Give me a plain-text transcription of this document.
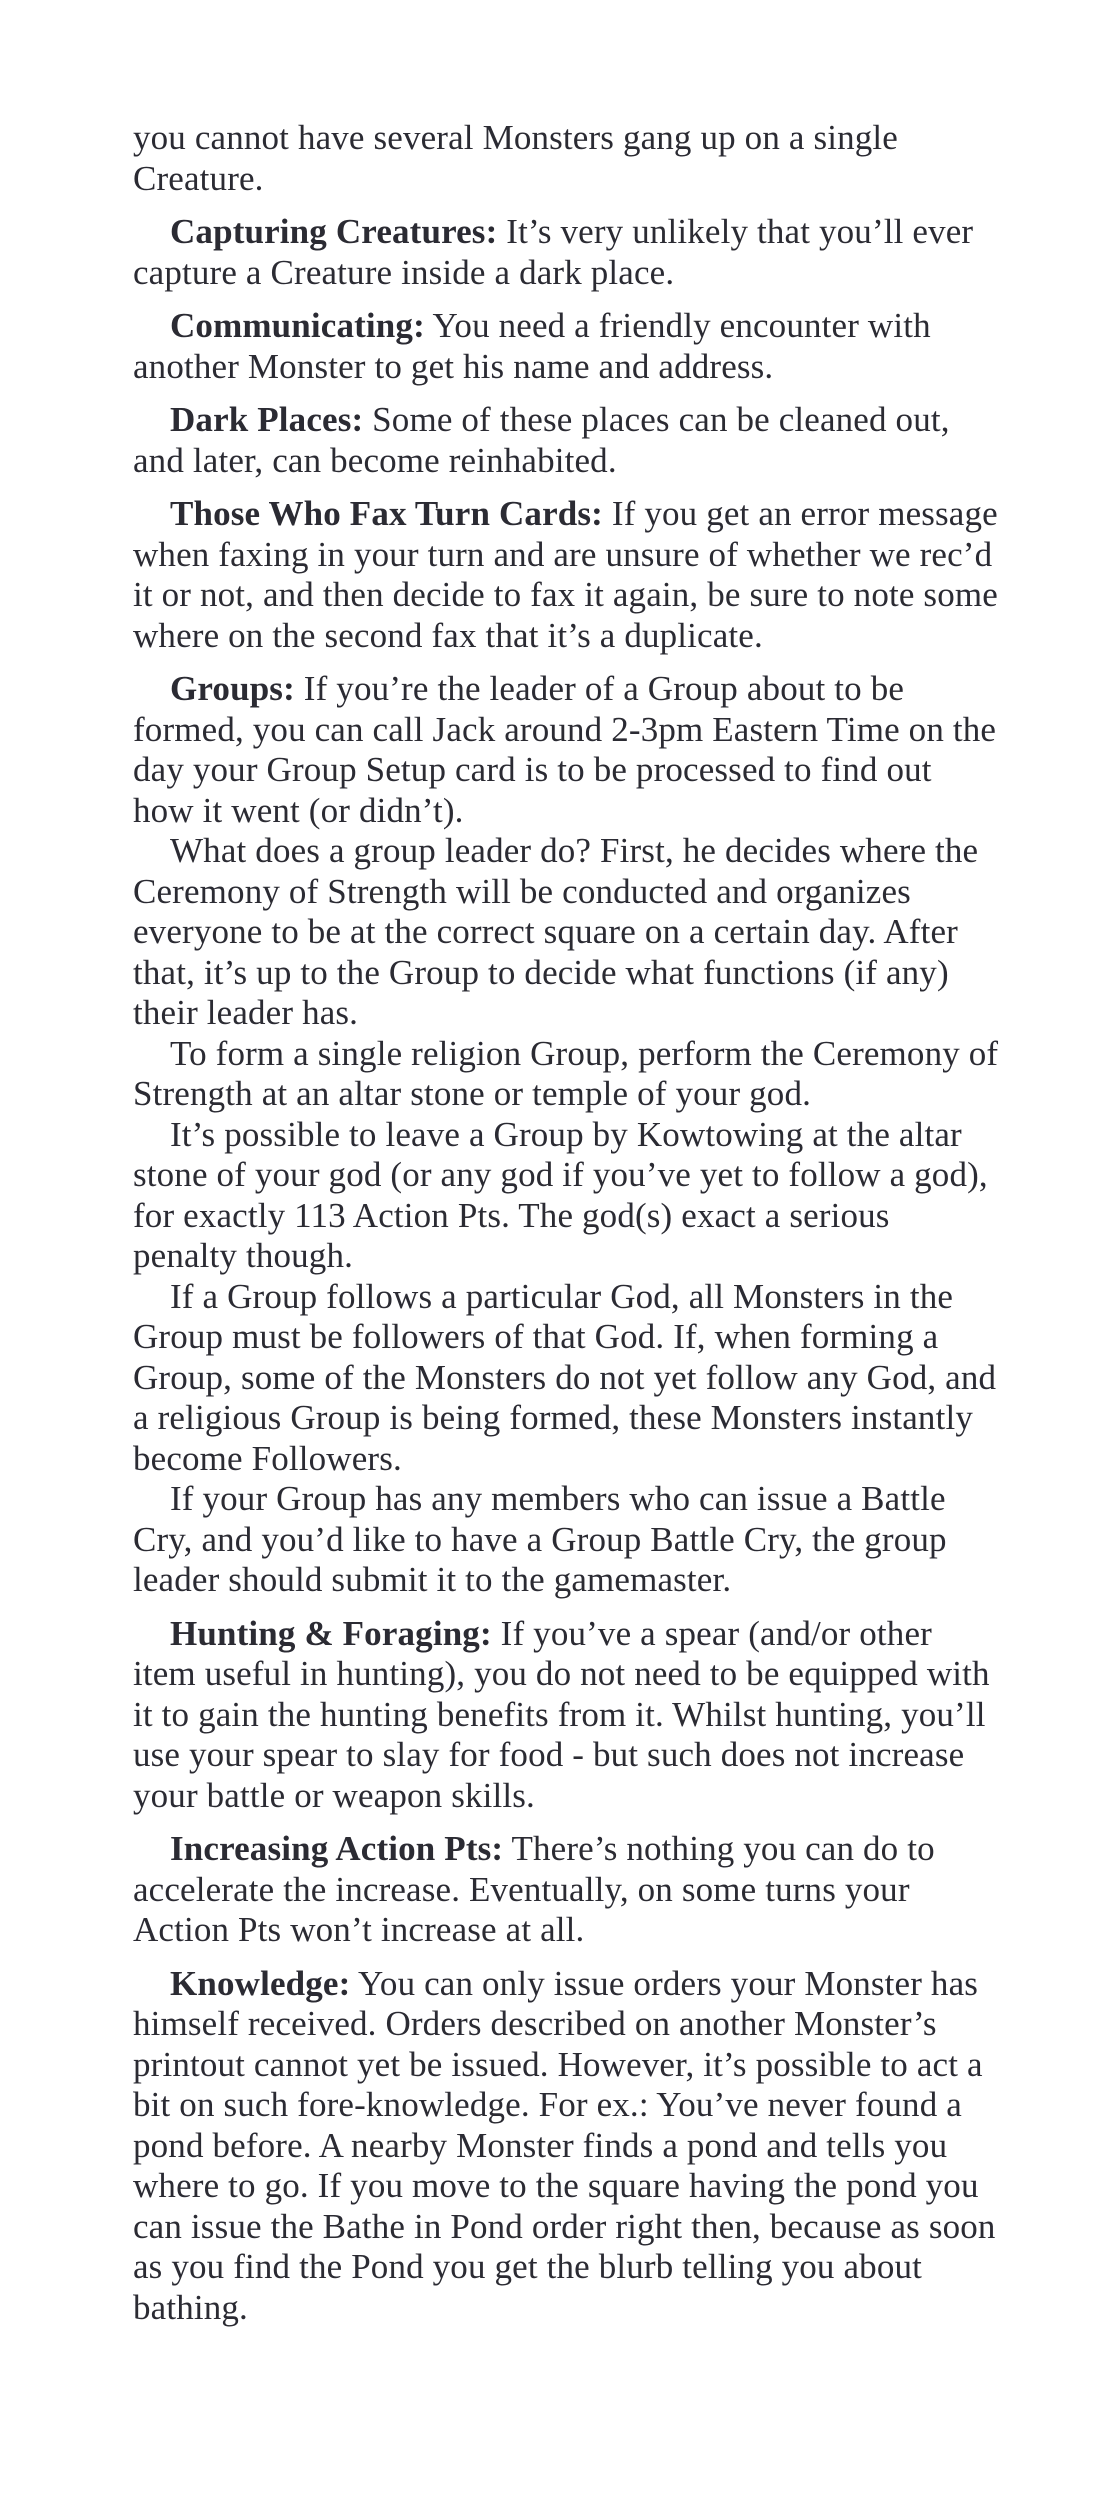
you cannot have several Monsters gang up on a single Creature.

Capturing Creatures: It’s very unlikely that you’ll ever capture a Creature inside a dark place.

Communicating: You need a friendly encounter with another Monster to get his name and address.

Dark Places: Some of these places can be cleaned out, and later, can become reinhabited.

Those Who Fax Turn Cards: If you get an error message when faxing in your turn and are unsure of whether we rec’d it or not, and then decide to fax it again, be sure to note some where on the second fax that it’s a duplicate.

Groups: If you’re the leader of a Group about to be formed, you can call Jack around 2-3pm Eastern Time on the day your Group Setup card is to be processed to find out how it went (or didn’t).

What does a group leader do? First, he decides where the Ceremony of Strength will be conducted and organizes everyone to be at the correct square on a certain day. After that, it’s up to the Group to decide what functions (if any) their leader has.

To form a single religion Group, perform the Ceremony of Strength at an altar stone or temple of your god.

It’s possible to leave a Group by Kowtowing at the altar stone of your god (or any god if you’ve yet to follow a god), for exactly 113 Action Pts. The god(s) exact a serious penalty though.

If a Group follows a particular God, all Monsters in the Group must be followers of that God. If, when forming a Group, some of the Monsters do not yet follow any God, and a religious Group is being formed, these Monsters instantly become Followers.

If your Group has any members who can issue a Battle Cry, and you’d like to have a Group Battle Cry, the group leader should submit it to the gamemaster.

Hunting & Foraging: If you’ve a spear (and/or other item useful in hunting), you do not need to be equipped with it to gain the hunting benefits from it. Whilst hunting, you’ll use your spear to slay for food - but such does not increase your battle or weapon skills.

Increasing Action Pts: There’s nothing you can do to accelerate the increase. Eventually, on some turns your Action Pts won’t increase at all.

Knowledge: You can only issue orders your Monster has himself received. Orders described on another Monster’s printout cannot yet be issued. However, it’s possible to act a bit on such fore-knowledge. For ex.: You’ve never found a pond before. A nearby Monster finds a pond and tells you where to go. If you move to the square having the pond you can issue the Bathe in Pond order right then, because as soon as you find the Pond you get the blurb telling you about bathing.
